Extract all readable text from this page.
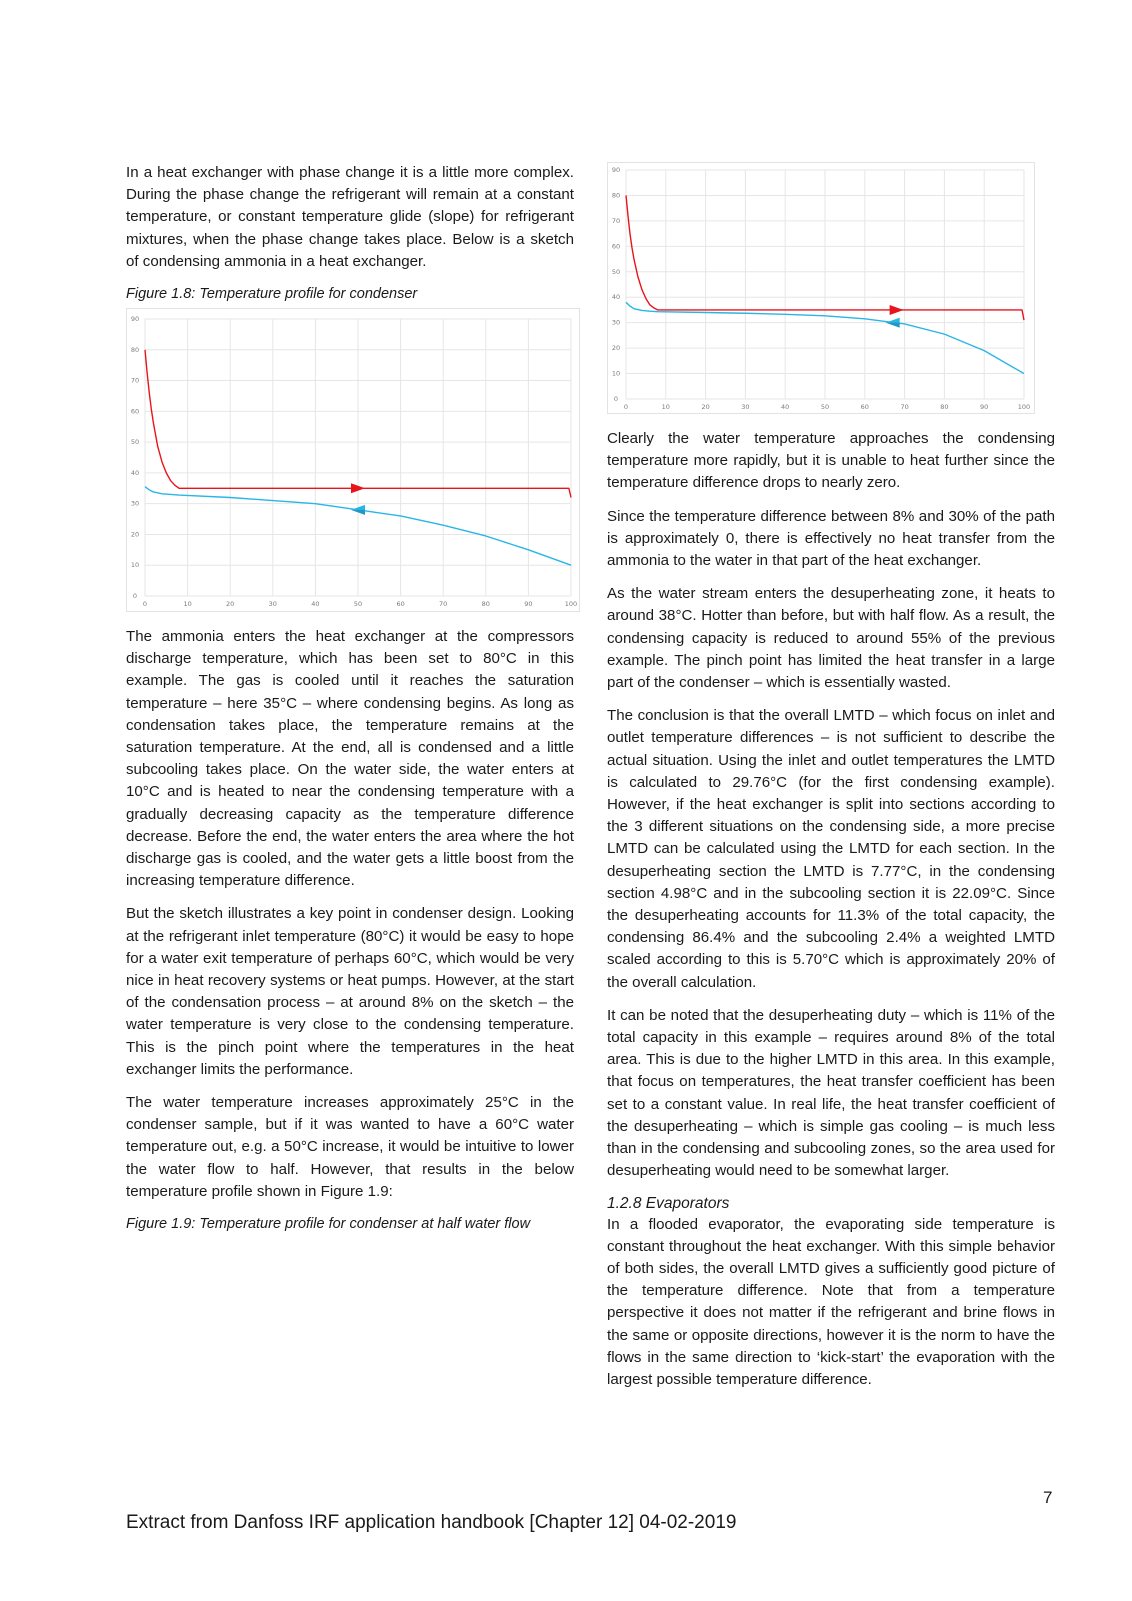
In a heat exchanger with phase change it is a little more complex. During the phase change the refrigerant will remain at a constant temperature, or constant temperature glide (slope) for refrigerant mixtures, when the phase change takes place. Below is a sketch of condensing ammonia in a heat exchanger.

Figure 1.8: Temperature profile for condenser
0	10	20	30	40	50	60	70	80	90	100
0
10
20
30
40
50
60
70
80
90

The ammonia enters the heat exchanger at the compressors discharge temperature, which has been set to 80°C in this example. The gas is cooled until it reaches the saturation temperature – here 35°C – where condensing begins. As long as condensation takes place, the temperature remains at the saturation temperature. At the end, all is condensed and a little subcooling takes place. On the water side, the water enters at 10°C and is heated to near the condensing temperature with a gradually decreasing capacity as the temperature difference decrease. Before the end, the water enters the area where the hot discharge gas is cooled, and the water gets a little boost from the increasing temperature difference.

But the sketch illustrates a key point in condenser design. Looking at the refrigerant inlet temperature (80°C) it would be easy to hope for a water exit temperature of perhaps 60°C, which would be very nice in heat recovery systems or heat pumps. However, at the start of the condensation process – at around 8% on the sketch – the water temperature is very close to the condensing temperature. This is the pinch point where the temperatures in the heat exchanger limits the performance.

The water temperature increases approximately 25°C in the condenser sample, but if it was wanted to have a 60°C water temperature out, e.g. a 50°C increase, it would be intuitive to lower the water flow to half. However, that results in the below temperature profile shown in Figure 1.9:

Figure 1.9: Temperature profile for condenser at half water flow
0	10	20	30	40	50	60	70	80	90	100
0
10
20
30
40
50
60
70
80
90

Clearly the water temperature approaches the condensing temperature more rapidly, but it is unable to heat further since the temperature difference drops to nearly zero.

Since the temperature difference between 8% and 30% of the path is approximately 0, there is effectively no heat transfer from the ammonia to the water in that part of the heat exchanger.

As the water stream enters the desuperheating zone, it heats to around 38°C. Hotter than before, but with half flow. As a result, the condensing capacity is reduced to around 55% of the previous example. The pinch point has limited the heat transfer in a large part of the condenser – which is essentially wasted.

The conclusion is that the overall LMTD – which focus on inlet and outlet temperature differences – is not sufficient to describe the actual situation. Using the inlet and outlet temperatures the LMTD is calculated to 29.76°C (for the first condensing example). However, if the heat exchanger is split into sections according to the 3 different situations on the condensing side, a more precise LMTD can be calculated using the LMTD for each section. In the desuperheating section the LMTD is 7.77°C, in the condensing section 4.98°C and in the subcooling section it is 22.09°C. Since the desuperheating accounts for 11.3% of the total capacity, the condensing 86.4% and the subcooling 2.4% a weighted LMTD scaled according to this is 5.70°C which is approximately 20% of the overall calculation.

It can be noted that the desuperheating duty – which is 11% of the total capacity in this example – requires around 8% of the total area. This is due to the higher LMTD in this area. In this example, that focus on temperatures, the heat transfer coefficient has been set to a constant value. In real life, the heat transfer coefficient of the desuperheating – which is simple gas cooling – is much less than in the condensing and subcooling zones, so the area used for desuperheating would need to be somewhat larger.

1.2.8 Evaporators

In a flooded evaporator, the evaporating side temperature is constant throughout the heat exchanger. With this simple behavior of both sides, the overall LMTD gives a sufficiently good picture of the temperature difference. Note that from a temperature perspective it does not matter if the refrigerant and brine flows in the same or opposite directions, however it is the norm to have the flows in the same direction to ‘kick-start’ the evaporation with the largest possible temperature difference.

7
Extract from Danfoss IRF application handbook [Chapter 12] 04-02-2019
